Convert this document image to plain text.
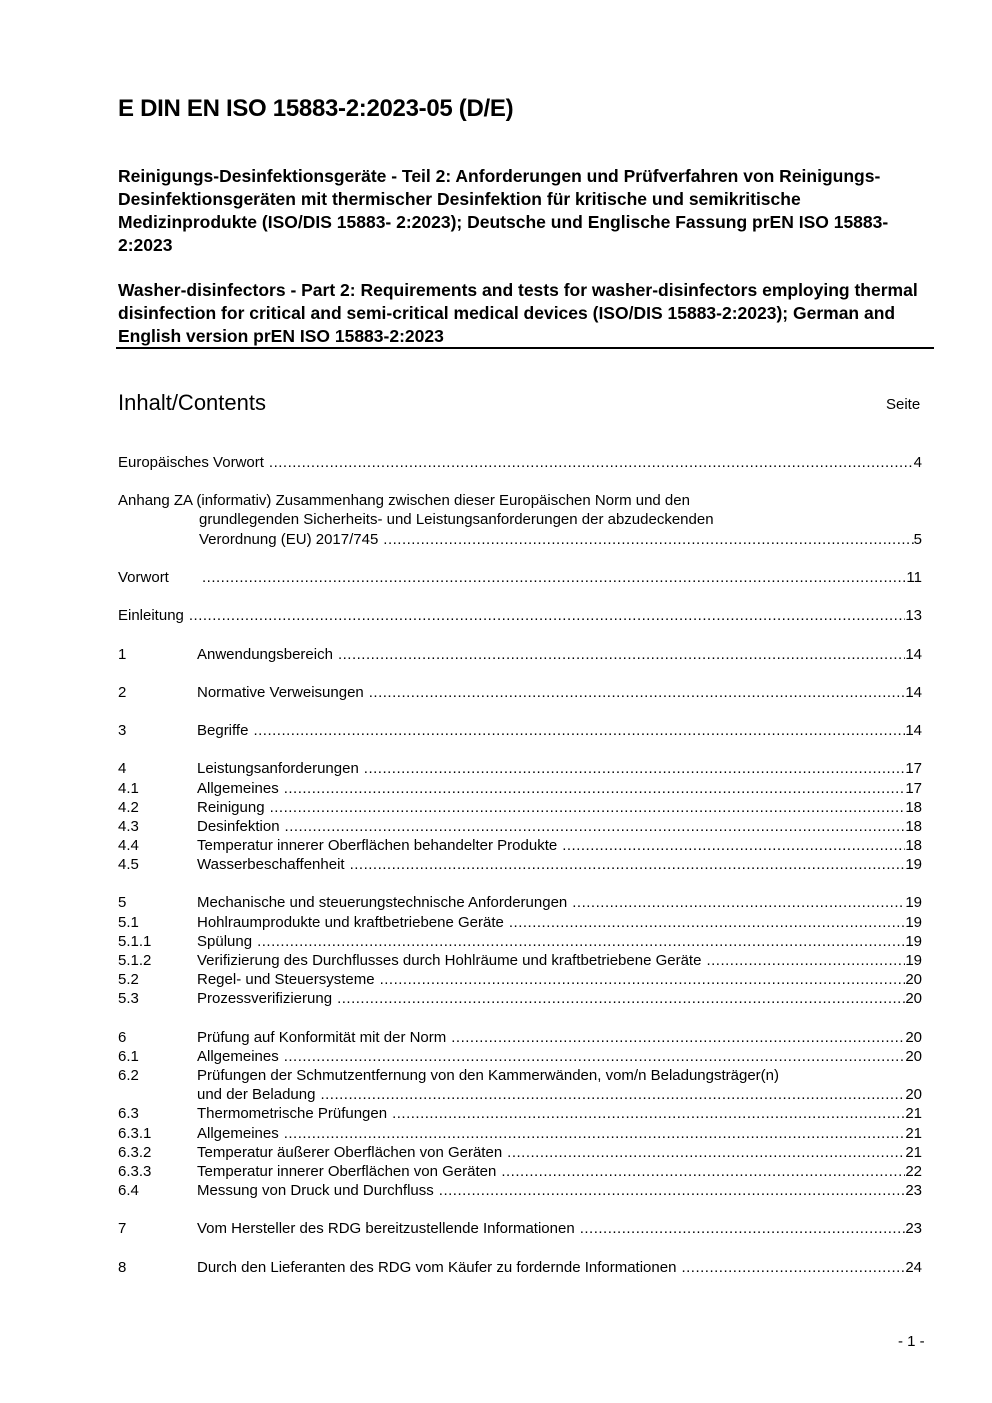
E DIN EN ISO 15883-2:2023-05 (D/E)
Reinigungs-Desinfektionsgeräte - Teil 2: Anforderungen und Prüfverfahren von Reinigungs-Desinfektionsgeräten mit thermischer Desinfektion für kritische und semikritische Medizinprodukte (ISO/DIS 15883- 2:2023); Deutsche und Englische Fassung prEN ISO 15883-2:2023
Washer-disinfectors - Part 2: Requirements and tests for washer-disinfectors employing thermal disinfection for critical and semi-critical medical devices (ISO/DIS 15883-2:2023); German and English version prEN ISO 15883-2:2023
Inhalt/Contents	Seite
Europäisches Vorwort .....	4
Anhang ZA (informativ) Zusammenhang zwischen dieser Europäischen Norm und den
grundlegenden Sicherheits- und Leistungsanforderungen der abzudeckenden
Verordnung (EU) 2017/745 .....	5
Vorwort .....	11
Einleitung .....	13
1	Anwendungsbereich .....	14
2	Normative Verweisungen .....	14
3	Begriffe .....	14
4	Leistungsanforderungen .....	17
4.1	Allgemeines .....	17
4.2	Reinigung .....	18
4.3	Desinfektion .....	18
4.4	Temperatur innerer Oberflächen behandelter Produkte .....	18
4.5	Wasserbeschaffenheit .....	19
5	Mechanische und steuerungstechnische Anforderungen .....	19
5.1	Hohlraumprodukte und kraftbetriebene Geräte .....	19
5.1.1	Spülung .....	19
5.1.2	Verifizierung des Durchflusses durch Hohlräume und kraftbetriebene Geräte .....	19
5.2	Regel- und Steuersysteme .....	20
5.3	Prozessverifizierung .....	20
6	Prüfung auf Konformität mit der Norm .....	20
6.1	Allgemeines .....	20
6.2	Prüfungen der Schmutzentfernung von den Kammerwänden, vom/n Beladungsträger(n)
und der Beladung .....	20
6.3	Thermometrische Prüfungen .....	21
6.3.1	Allgemeines .....	21
6.3.2	Temperatur äußerer Oberflächen von Geräten .....	21
6.3.3	Temperatur innerer Oberflächen von Geräten .....	22
6.4	Messung von Druck und Durchfluss .....	23
7	Vom Hersteller des RDG bereitzustellende Informationen .....	23
8	Durch den Lieferanten des RDG vom Käufer zu fordernde Informationen .....	24
- 1 -
